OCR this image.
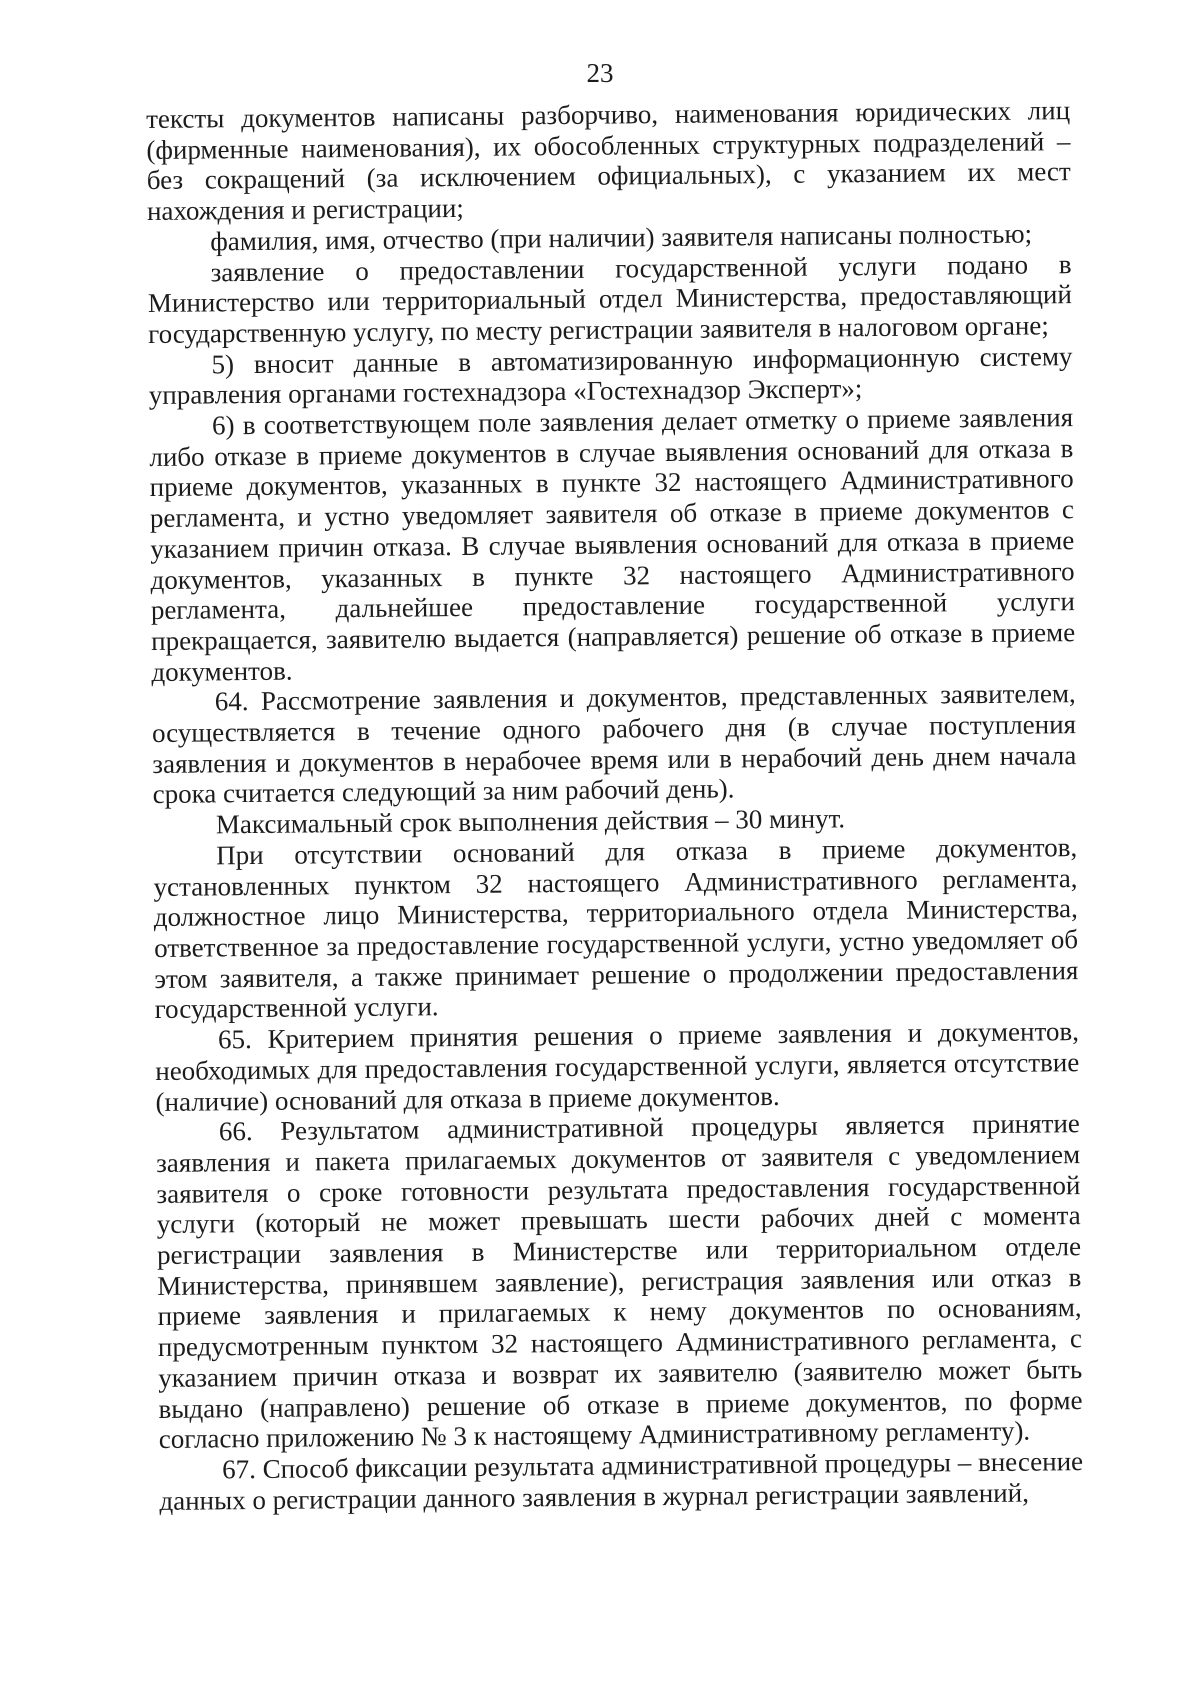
23

тексты документов написаны разборчиво, наименования юридических лиц (фирменные наименования), их обособленных структурных подразделений – без сокращений (за исключением официальных), с указанием их мест нахождения и регистрации;

фамилия, имя, отчество (при наличии) заявителя написаны полностью;

заявление о предоставлении государственной услуги подано в Министерство или территориальный отдел Министерства, предоставляющий государственную услугу, по месту регистрации заявителя в налоговом органе;

5) вносит данные в автоматизированную информационную систему управления органами гостехнадзора «Гостехнадзор Эксперт»;

6) в соответствующем поле заявления делает отметку о приеме заявления либо отказе в приеме документов в случае выявления оснований для отказа в приеме документов, указанных в пункте 32 настоящего Административного регламента, и устно уведомляет заявителя об отказе в приеме документов с указанием причин отказа. В случае выявления оснований для отказа в приеме документов, указанных в пункте 32 настоящего Административного регламента, дальнейшее предоставление государственной услуги прекращается, заявителю выдается (направляется) решение об отказе в приеме документов.

64. Рассмотрение заявления и документов, представленных заявителем, осуществляется в течение одного рабочего дня (в случае поступления заявления и документов в нерабочее время или в нерабочий день днем начала срока считается следующий за ним рабочий день).

Максимальный срок выполнения действия – 30 минут.

При отсутствии оснований для отказа в приеме документов, установленных пунктом 32 настоящего Административного регламента, должностное лицо Министерства, территориального отдела Министерства, ответственное за предоставление государственной услуги, устно уведомляет об этом заявителя, а также принимает решение о продолжении предоставления государственной услуги.

65. Критерием принятия решения о приеме заявления и документов, необходимых для предоставления государственной услуги, является отсутствие (наличие) оснований для отказа в приеме документов.

66. Результатом административной процедуры является принятие заявления и пакета прилагаемых документов от заявителя с уведомлением заявителя о сроке готовности результата предоставления государственной услуги (который не может превышать шести рабочих дней с момента регистрации заявления в Министерстве или территориальном отделе Министерства, принявшем заявление), регистрация заявления или отказ в приеме заявления и прилагаемых к нему документов по основаниям, предусмотренным пунктом 32 настоящего Административного регламента, с указанием причин отказа и возврат их заявителю (заявителю может быть выдано (направлено) решение об отказе в приеме документов, по форме согласно приложению № 3 к настоящему Административному регламенту).

67. Способ фиксации результата административной процедуры – внесение данных о регистрации данного заявления в журнал регистрации заявлений,
